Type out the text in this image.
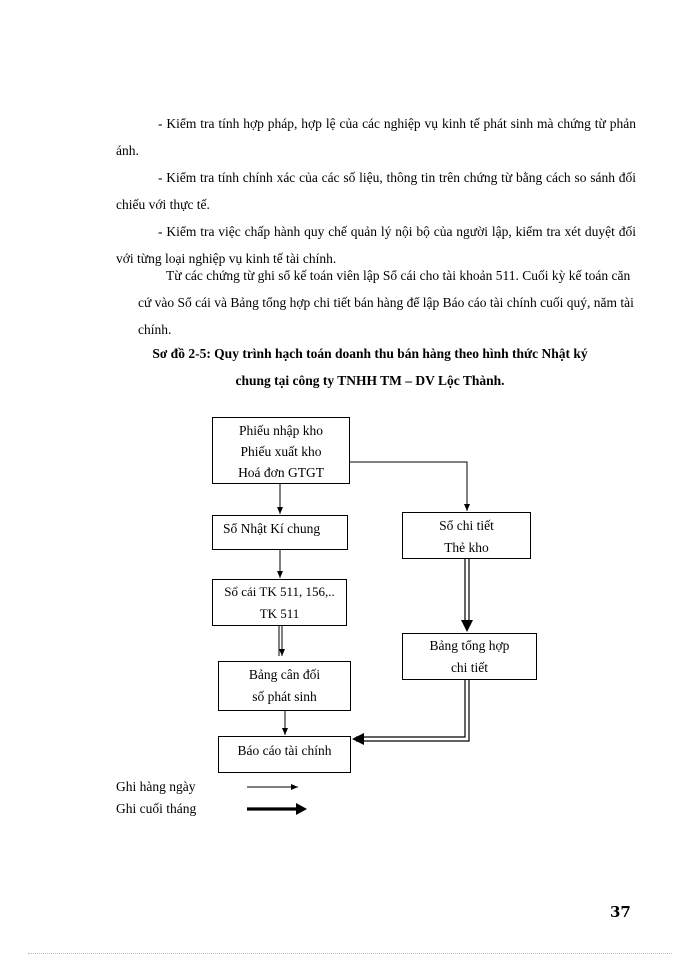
- Kiểm tra tính hợp pháp, hợp lệ của các nghiệp vụ kinh tế phát sinh mà chứng từ phản ánh.
- Kiểm tra tính chính xác của các số liệu, thông tin trên chứng từ bằng cách so sánh đối chiếu với thực tế.
- Kiểm tra việc chấp hành quy chế quản lý nội bộ của người lập, kiểm tra xét duyệt đối với từng loại nghiệp vụ kinh tế tài chính.
Từ các chứng từ ghi sổ kế toán viên lập Sổ cái cho tài khoản 511. Cuối kỳ kế toán căn cứ vào Sổ cái và Bảng tổng hợp chi tiết bán hàng để lập Báo cáo tài chính cuối quý, năm tài chính.
Sơ đồ 2-5: Quy trình hạch toán doanh thu bán hàng theo hình thức Nhật ký
chung tại công ty TNHH TM – DV Lộc Thành.
Phiếu nhập kho
Phiếu xuất kho
Hoá đơn GTGT
Sổ Nhật Kí chung	Sổ chi tiết
Thẻ kho
Sổ cái TK 511, 156,..
TK 511
Bảng tổng hợp
chi tiết
Bảng cân đối
số phát sinh
Báo cáo tài chính
Ghi hàng ngày
Ghi cuối tháng
37
